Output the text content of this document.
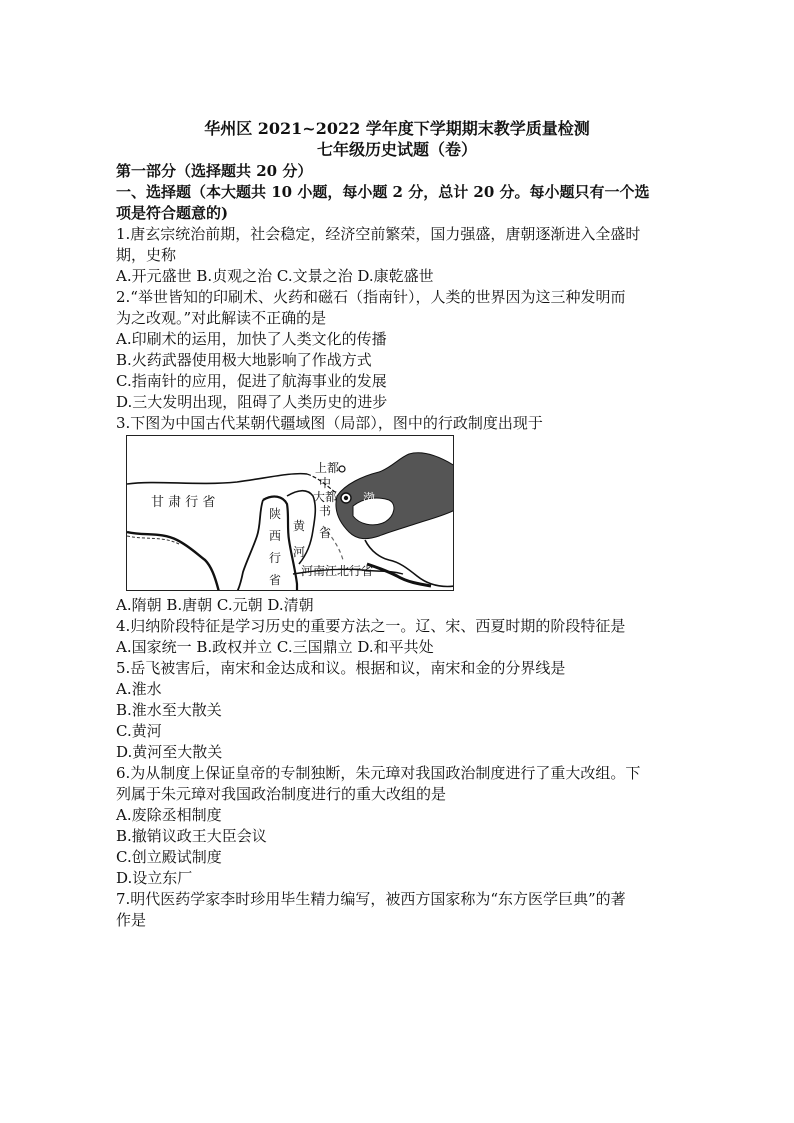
华州区 2021~2022 学年度下学期期末教学质量检测
七年级历史试题（卷）
第一部分（选择题共 20 分）
一、选择题（本大题共 10 小题，每小题 2 分，总计 20 分。每小题只有一个选
项是符合题意的)
1.唐玄宗统治前期，社会稳定，经济空前繁荣，国力强盛，唐朝逐渐进入全盛时
期，史称
A.开元盛世 B.贞观之治 C.文景之治 D.康乾盛世
2.“举世皆知的印刷术、火药和磁石（指南针），人类的世界因为这三种发明而
为之改观。”对此解读不正确的是
A.印刷术的运用，加快了人类文化的传播
B.火药武器使用极大地影响了作战方式
C.指南针的应用，促进了航海事业的发展
D.三大发明出现，阻碍了人类历史的进步
3.下图为中国古代某朝代疆域图（局部），图中的行政制度出现于
甘 肃 行 省
上都
中
大都
书
省
渤
海
陕
西
行
省
黄
河
河南江北行省
A.隋朝 B.唐朝 C.元朝 D.清朝
4.归纳阶段特征是学习历史的重要方法之一。辽、宋、西夏时期的阶段特征是
A.国家统一 B.政权并立 C.三国鼎立 D.和平共处
5.岳飞被害后，南宋和金达成和议。根据和议，南宋和金的分界线是
A.淮水
B.淮水至大散关
C.黄河
D.黄河至大散关
6.为从制度上保证皇帝的专制独断，朱元璋对我国政治制度进行了重大改组。下
列属于朱元璋对我国政治制度进行的重大改组的是
A.废除丞相制度
B.撤销议政王大臣会议
C.创立殿试制度
D.设立东厂
7.明代医药学家李时珍用毕生精力编写，被西方国家称为“东方医学巨典”的著
作是
